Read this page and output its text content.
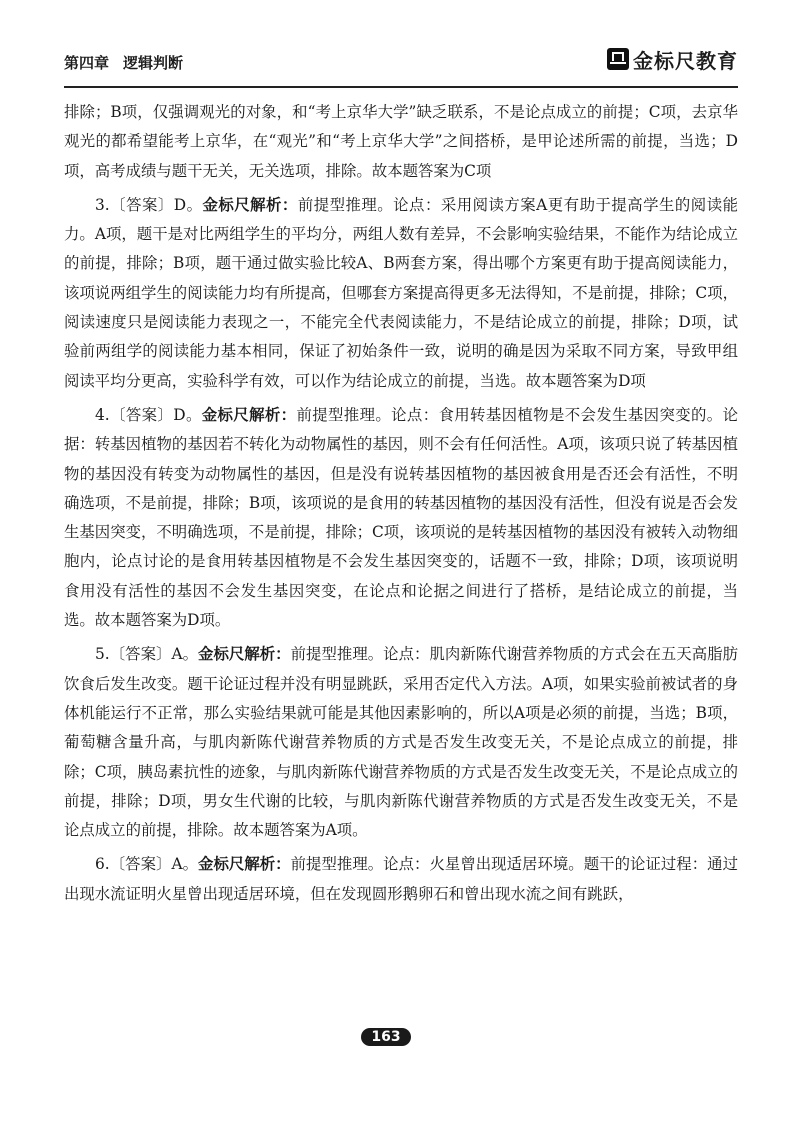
第四章 逻辑判断	金标尺教育

排除；B项，仅强调观光的对象，和“考上京华大学”缺乏联系，不是论点成立的前提；C项，去京华观光的都希望能考上京华，在“观光”和“考上京华大学”之间搭桥，是甲论述所需的前提，当选；D项，高考成绩与题干无关，无关选项，排除。故本题答案为C项

3.〔答案〕D。金标尺解析：前提型推理。论点：采用阅读方案A更有助于提高学生的阅读能力。A项，题干是对比两组学生的平均分，两组人数有差异，不会影响实验结果，不能作为结论成立的前提，排除；B项，题干通过做实验比较A、B两套方案，得出哪个方案更有助于提高阅读能力，该项说两组学生的阅读能力均有所提高，但哪套方案提高得更多无法得知，不是前提，排除；C项，阅读速度只是阅读能力表现之一，不能完全代表阅读能力，不是结论成立的前提，排除；D项，试验前两组学的阅读能力基本相同，保证了初始条件一致，说明的确是因为采取不同方案，导致甲组阅读平均分更高，实验科学有效，可以作为结论成立的前提，当选。故本题答案为D项

4.〔答案〕D。金标尺解析：前提型推理。论点：食用转基因植物是不会发生基因突变的。论据：转基因植物的基因若不转化为动物属性的基因，则不会有任何活性。A项，该项只说了转基因植物的基因没有转变为动物属性的基因，但是没有说转基因植物的基因被食用是否还会有活性，不明确选项，不是前提，排除；B项，该项说的是食用的转基因植物的基因没有活性，但没有说是否会发生基因突变，不明确选项，不是前提，排除；C项，该项说的是转基因植物的基因没有被转入动物细胞内，论点讨论的是食用转基因植物是不会发生基因突变的，话题不一致，排除；D项，该项说明食用没有活性的基因不会发生基因突变，在论点和论据之间进行了搭桥，是结论成立的前提，当选。故本题答案为D项。

5.〔答案〕A。金标尺解析：前提型推理。论点：肌肉新陈代谢营养物质的方式会在五天高脂肪饮食后发生改变。题干论证过程并没有明显跳跃，采用否定代入方法。A项，如果实验前被试者的身体机能运行不正常，那么实验结果就可能是其他因素影响的，所以A项是必须的前提，当选；B项，葡萄糖含量升高，与肌肉新陈代谢营养物质的方式是否发生改变无关，不是论点成立的前提，排除；C项，胰岛素抗性的迹象，与肌肉新陈代谢营养物质的方式是否发生改变无关，不是论点成立的前提，排除；D项，男女生代谢的比较，与肌肉新陈代谢营养物质的方式是否发生改变无关，不是论点成立的前提，排除。故本题答案为A项。

6.〔答案〕A。金标尺解析：前提型推理。论点：火星曾出现适居环境。题干的论证过程：通过出现水流证明火星曾出现适居环境，但在发现圆形鹅卵石和曾出现水流之间有跳跃，

163
